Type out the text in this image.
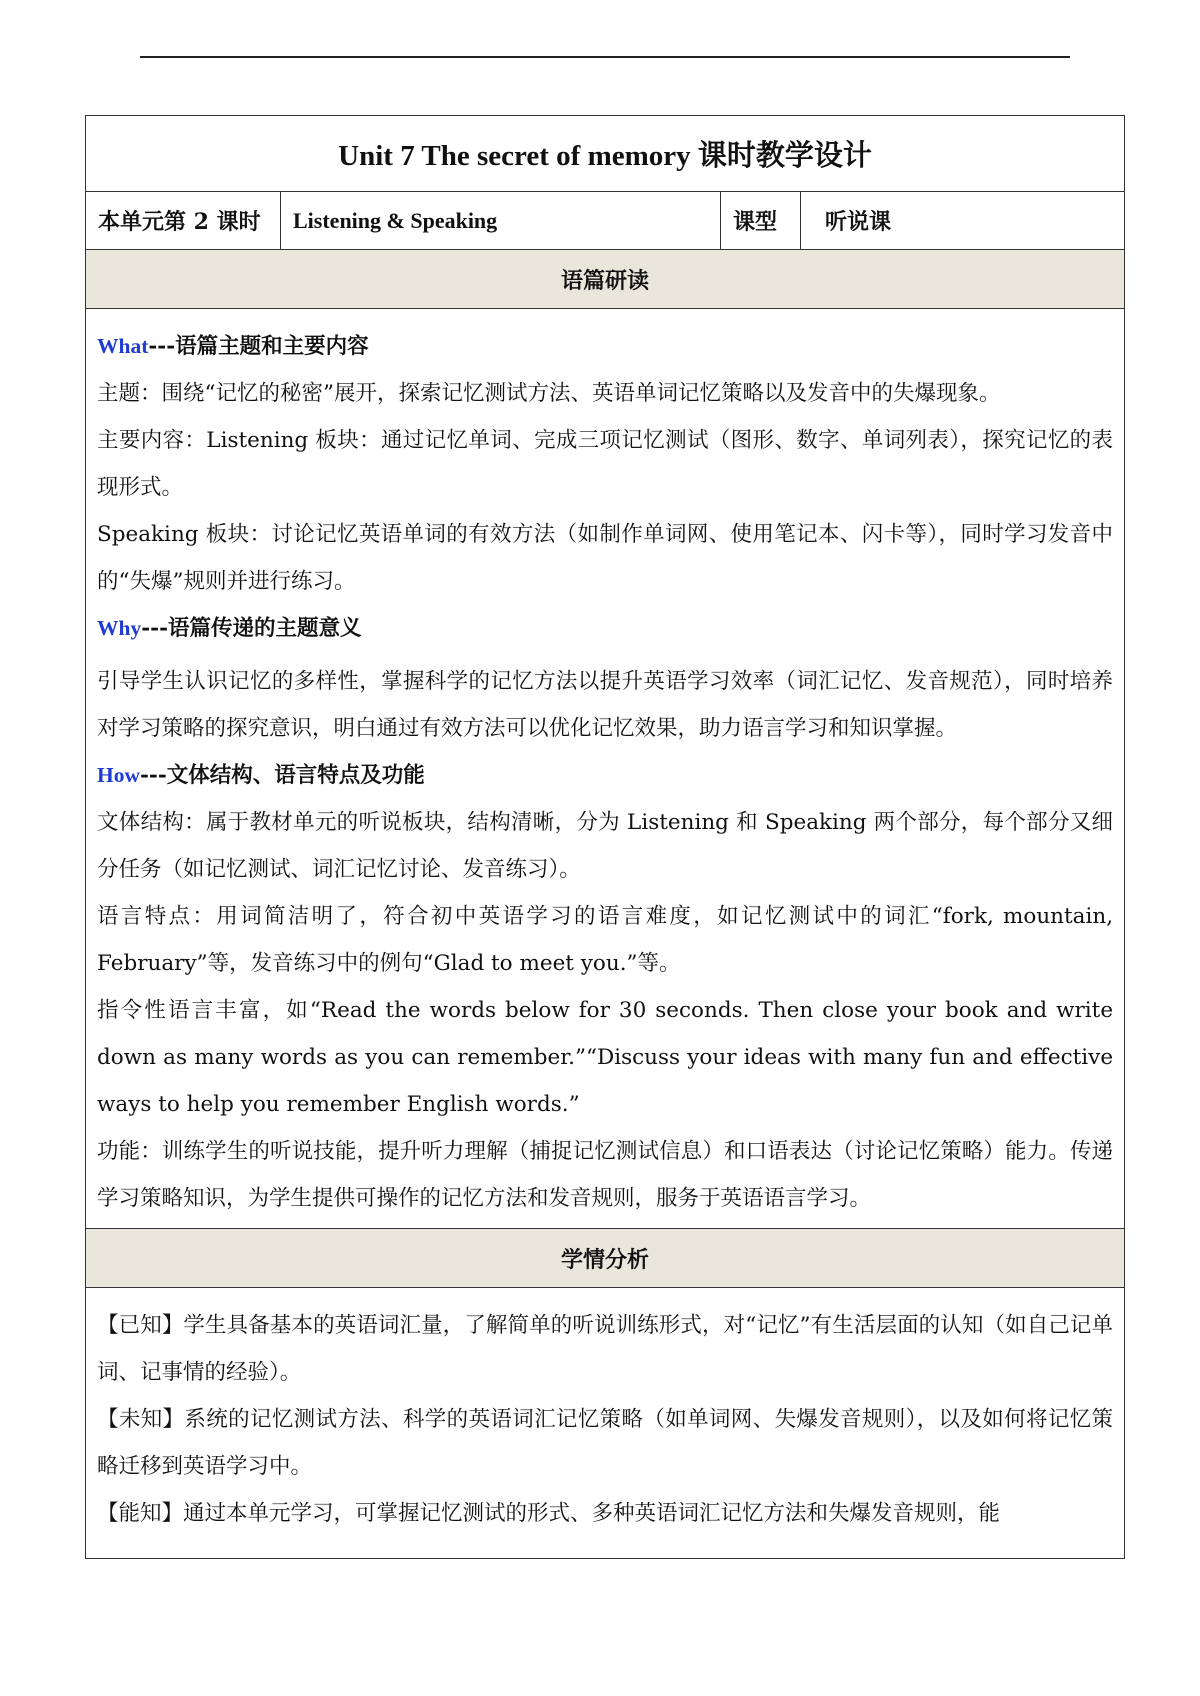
Unit 7 The secret of memory 课时教学设计

本单元第 2 课时	Listening & Speaking	课型	听说课

语篇研读

What---语篇主题和主要内容

主题：围绕“记忆的秘密”展开，探索记忆测试方法、英语单词记忆策略以及发音中的失爆现象。

主要内容：Listening 板块：通过记忆单词、完成三项记忆测试（图形、数字、单词列表），探究记忆的表现形式。

Speaking 板块：讨论记忆英语单词的有效方法（如制作单词网、使用笔记本、闪卡等），同时学习发音中的“失爆”规则并进行练习。

Why---语篇传递的主题意义

引导学生认识记忆的多样性，掌握科学的记忆方法以提升英语学习效率（词汇记忆、发音规范），同时培养对学习策略的探究意识，明白通过有效方法可以优化记忆效果，助力语言学习和知识掌握。

How---文体结构、语言特点及功能

文体结构：属于教材单元的听说板块，结构清晰，分为 Listening 和 Speaking 两个部分，每个部分又细分任务（如记忆测试、词汇记忆讨论、发音练习）。

语言特点：用词简洁明了，符合初中英语学习的语言难度，如记忆测试中的词汇“fork, mountain, February”等，发音练习中的例句“Glad to meet you.”等。

指令性语言丰富，如“Read the words below for 30 seconds. Then close your book and write down as many words as you can remember.”“Discuss your ideas with many fun and effective ways to help you remember English words.”

功能：训练学生的听说技能，提升听力理解（捕捉记忆测试信息）和口语表达（讨论记忆策略）能力。传递学习策略知识，为学生提供可操作的记忆方法和发音规则，服务于英语语言学习。

学情分析

【已知】学生具备基本的英语词汇量，了解简单的听说训练形式，对“记忆”有生活层面的认知（如自己记单词、记事情的经验）。

【未知】系统的记忆测试方法、科学的英语词汇记忆策略（如单词网、失爆发音规则），以及如何将记忆策略迁移到英语学习中。

【能知】通过本单元学习，可掌握记忆测试的形式、多种英语词汇记忆方法和失爆发音规则，能
